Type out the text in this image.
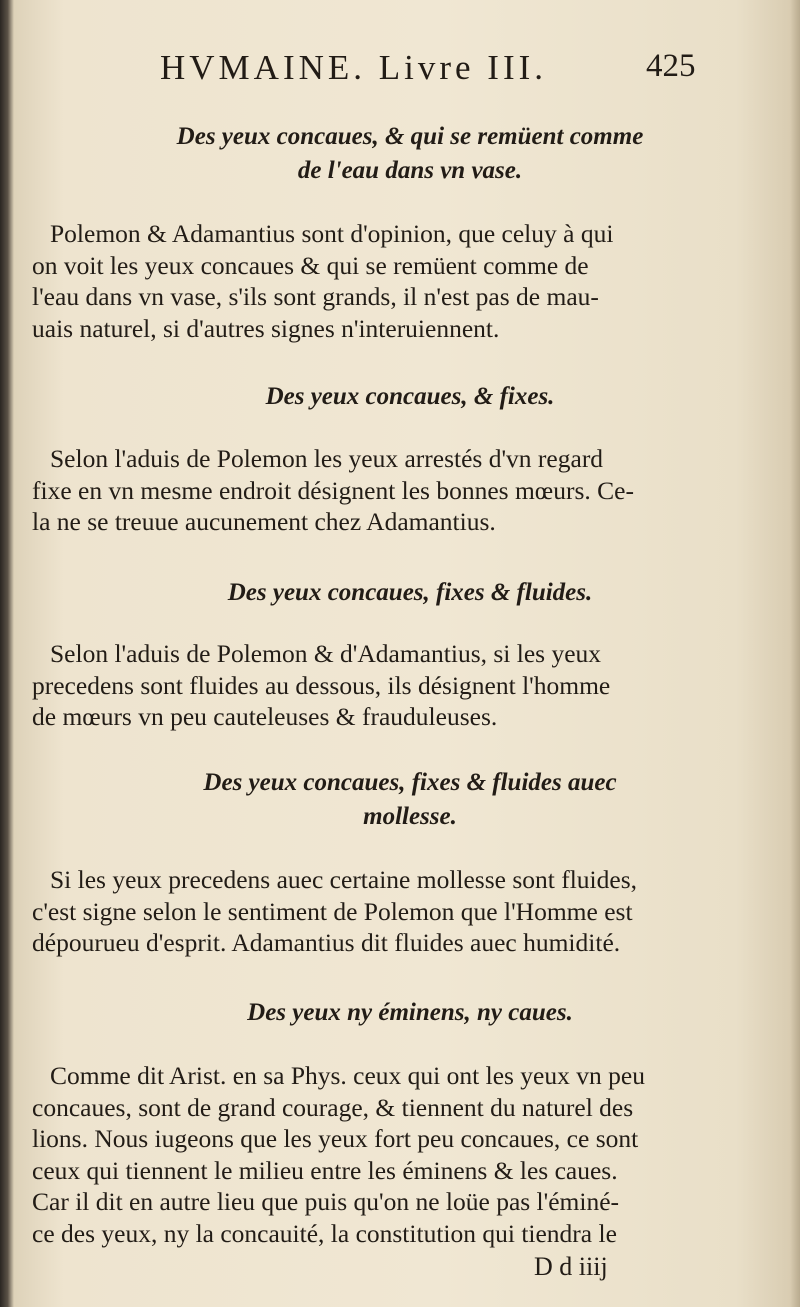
HVMAINE. Livre III.	425
Des yeux concaues, & qui se remüent comme
de l'eau dans vn vase.
Polemon & Adamantius sont d'opinion, que celuy à qui
on voit les yeux concaues & qui se remüent comme de
l'eau dans vn vase, s'ils sont grands, il n'est pas de mau-
uais naturel, si d'autres signes n'interuiennent.
Des yeux concaues, & fixes.
Selon l'aduis de Polemon les yeux arrestés d'vn regard
fixe en vn mesme endroit désignent les bonnes mœurs. Ce-
la ne se treuue aucunement chez Adamantius.
Des yeux concaues, fixes & fluides.
Selon l'aduis de Polemon & d'Adamantius, si les yeux
precedens sont fluides au dessous, ils désignent l'homme
de mœurs vn peu cauteleuses & frauduleuses.
Des yeux concaues, fixes & fluides auec
mollesse.
Si les yeux precedens auec certaine mollesse sont fluides,
c'est signe selon le sentiment de Polemon que l'Homme est
dépourueu d'esprit. Adamantius dit fluides auec humidité.
Des yeux ny éminens, ny caues.
Comme dit Arist. en sa Phys. ceux qui ont les yeux vn peu
concaues, sont de grand courage, & tiennent du naturel des
lions. Nous iugeons que les yeux fort peu concaues, ce sont
ceux qui tiennent le milieu entre les éminens & les caues.
Car il dit en autre lieu que puis qu'on ne loüe pas l'éminé-
ce des yeux, ny la concauité, la constitution qui tiendra le
D d iiij
